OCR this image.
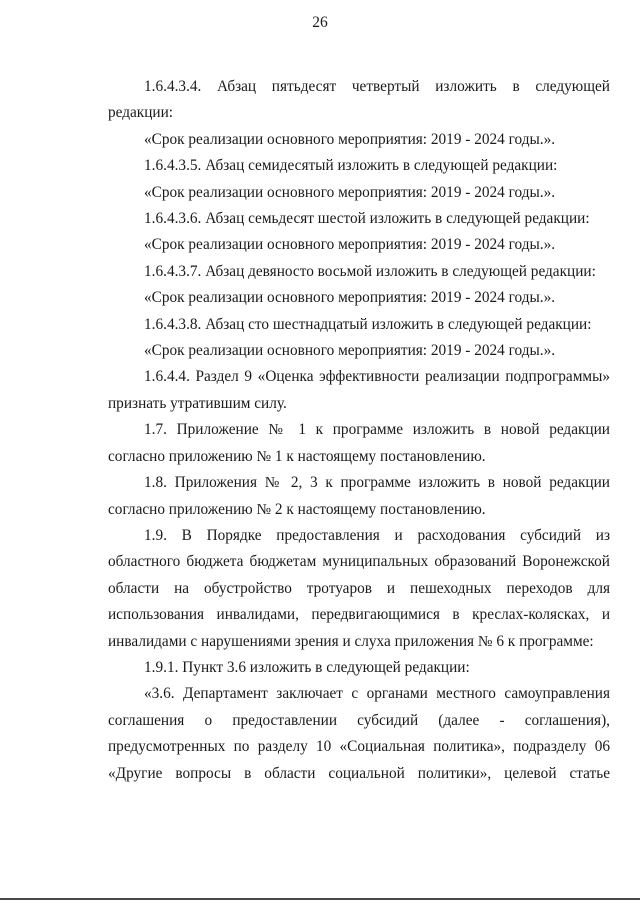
26
1.6.4.3.4.   Абзац   пятьдесят   четвертый   изложить   в   следующей
редакции:
«Срок реализации основного мероприятия: 2019 - 2024 годы.».
1.6.4.3.5. Абзац семидесятый изложить в следующей редакции:
«Срок реализации основного мероприятия: 2019 - 2024 годы.».
1.6.4.3.6. Абзац семьдесят шестой изложить в следующей редакции:
«Срок реализации основного мероприятия: 2019 - 2024 годы.».
1.6.4.3.7. Абзац девяносто восьмой изложить в следующей редакции:
«Срок реализации основного мероприятия: 2019 - 2024 годы.».
1.6.4.3.8. Абзац сто шестнадцатый изложить в следующей редакции:
«Срок реализации основного мероприятия: 2019 - 2024 годы.».
1.6.4.4. Раздел 9 «Оценка эффективности реализации подпрограммы»
признать утратившим силу.
1.7. Приложение № 1 к программе изложить в новой редакции
согласно приложению № 1 к настоящему постановлению.
1.8. Приложения № 2, 3 к программе изложить в новой редакции
согласно приложению № 2 к настоящему постановлению.
1.9. В Порядке предоставления и расходования субсидий из
областного бюджета бюджетам муниципальных образований Воронежской
области на обустройство тротуаров и пешеходных переходов для
использования инвалидами, передвигающимися в креслах-колясках, и
инвалидами с нарушениями зрения и слуха приложения № 6 к программе:
1.9.1. Пункт 3.6 изложить в следующей редакции:
«3.6. Департамент заключает с органами местного самоуправления
соглашения о предоставлении субсидий (далее - соглашения),
предусмотренных по разделу 10 «Социальная политика», подразделу 06
«Другие вопросы в области социальной политики», целевой статье
